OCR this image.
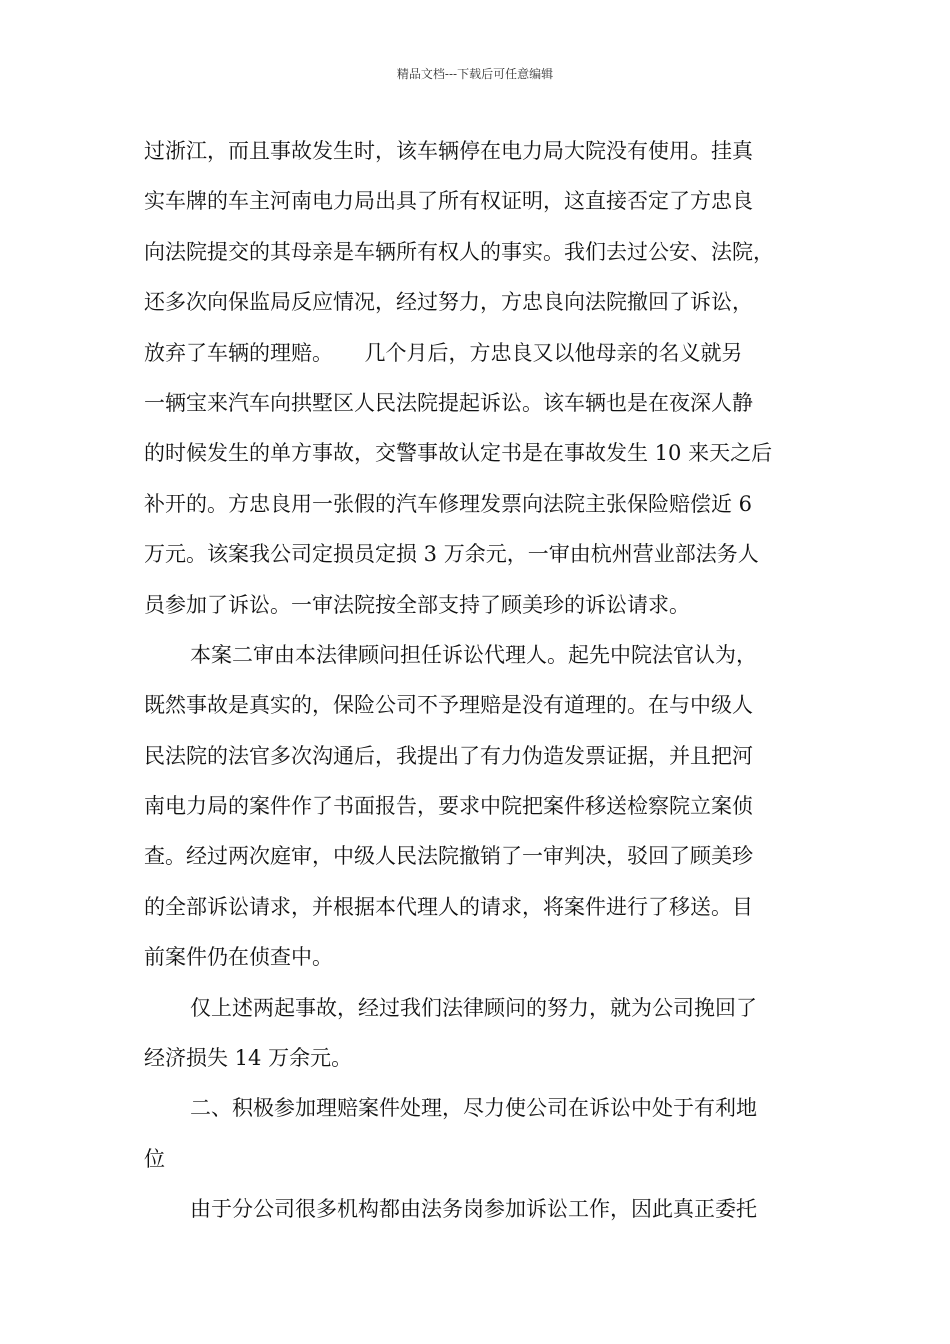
精品文档---下载后可任意编辑
过浙江，而且事故发生时，该车辆停在电力局大院没有使用。挂真
实车牌的车主河南电力局出具了所有权证明，这直接否定了方忠良
向法院提交的其母亲是车辆所有权人的事实。我们去过公安、法院，
还多次向保监局反应情况，经过努力，方忠良向法院撤回了诉讼，
放弃了车辆的理赔。　　几个月后，方忠良又以他母亲的名义就另
一辆宝来汽车向拱墅区人民法院提起诉讼。该车辆也是在夜深人静
的时候发生的单方事故，交警事故认定书是在事故发生 10 来天之后
补开的。方忠良用一张假的汽车修理发票向法院主张保险赔偿近 6
万元。该案我公司定损员定损 3 万余元，一审由杭州营业部法务人
员参加了诉讼。一审法院按全部支持了顾美珍的诉讼请求。
本案二审由本法律顾问担任诉讼代理人。起先中院法官认为，
既然事故是真实的，保险公司不予理赔是没有道理的。在与中级人
民法院的法官多次沟通后，我提出了有力伪造发票证据，并且把河
南电力局的案件作了书面报告，要求中院把案件移送检察院立案侦
查。经过两次庭审，中级人民法院撤销了一审判决，驳回了顾美珍
的全部诉讼请求，并根据本代理人的请求，将案件进行了移送。目
前案件仍在侦查中。
仅上述两起事故，经过我们法律顾问的努力，就为公司挽回了
经济损失 14 万余元。
二、积极参加理赔案件处理，尽力使公司在诉讼中处于有利地
位
由于分公司很多机构都由法务岗参加诉讼工作，因此真正委托
